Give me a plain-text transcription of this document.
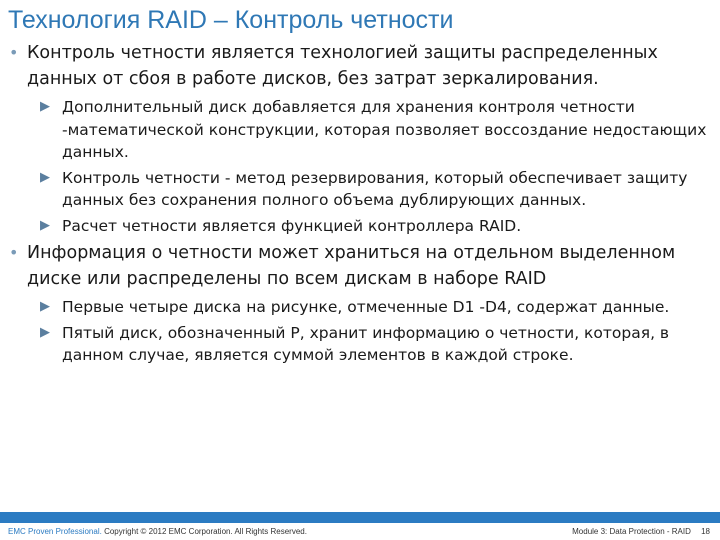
Технология RAID – Контроль четности
• Контроль четности является технологией защиты распределенных данных от сбоя в работе дисков, без затрат зеркалирования.
▶ Дополнительный диск добавляется для хранения контроля четности -математической конструкции, которая позволяет воссоздание недостающих данных.
▶ Контроль четности - метод резервирования, который обеспечивает защиту данных без сохранения полного объема дублирующих данных.
▶ Расчет четности является функцией контроллера RAID.
• Информация о четности может храниться на отдельном выделенном диске или распределены по всем дискам в наборе RAID
▶ Первые четыре диска на рисунке, отмеченные D1 -D4, содержат данные.
▶ Пятый диск, обозначенный P, хранит информацию о четности, которая, в данном случае, является суммой элементов в каждой строке.
EMC Proven Professional. Copyright © 2012 EMC Corporation. All Rights Reserved.	Module 3: Data Protection - RAID 18
